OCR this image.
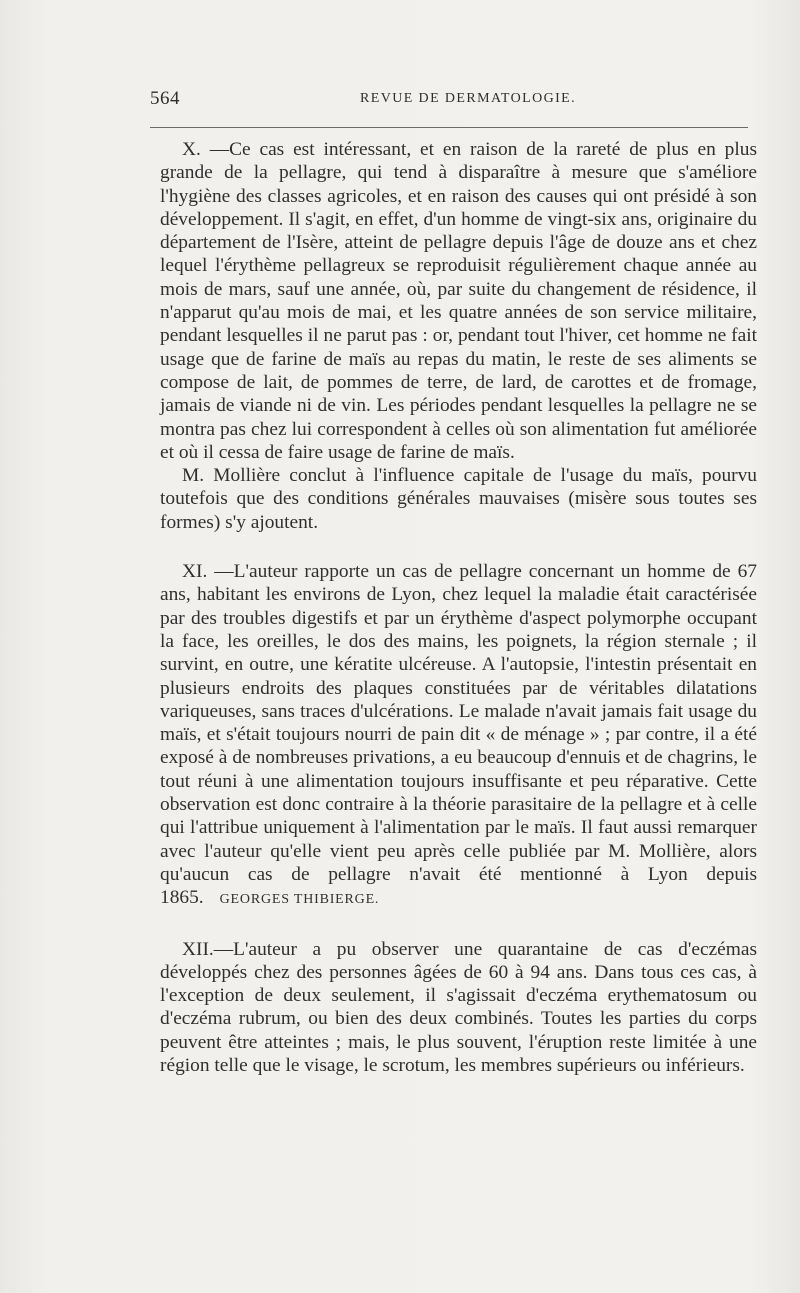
564	REVUE DE DERMATOLOGIE.

X. —Ce cas est intéressant, et en raison de la rareté de plus en plus grande de la pellagre, qui tend à disparaître à mesure que s'améliore l'hygiène des classes agricoles, et en raison des causes qui ont présidé à son développement. Il s'agit, en effet, d'un homme de vingt-six ans, originaire du département de l'Isère, atteint de pellagre depuis l'âge de douze ans et chez lequel l'érythème pellagreux se reproduisit régulièrement chaque année au mois de mars, sauf une année, où, par suite du changement de résidence, il n'apparut qu'au mois de mai, et les quatre années de son service militaire, pendant lesquelles il ne parut pas : or, pendant tout l'hiver, cet homme ne fait usage que de farine de maïs au repas du matin, le reste de ses aliments se compose de lait, de pommes de terre, de lard, de carottes et de fromage, jamais de viande ni de vin. Les périodes pendant lesquelles la pellagre ne se montra pas chez lui correspondent à celles où son alimentation fut améliorée et où il cessa de faire usage de farine de maïs.

M. Mollière conclut à l'influence capitale de l'usage du maïs, pourvu toutefois que des conditions générales mauvaises (misère sous toutes ses formes) s'y ajoutent.

XI. —L'auteur rapporte un cas de pellagre concernant un homme de 67 ans, habitant les environs de Lyon, chez lequel la maladie était caractérisée par des troubles digestifs et par un érythème d'aspect polymorphe occupant la face, les oreilles, le dos des mains, les poignets, la région sternale ; il survint, en outre, une kératite ulcéreuse. A l'autopsie, l'intestin présentait en plusieurs endroits des plaques constituées par de véritables dilatations variqueuses, sans traces d'ulcérations. Le malade n'avait jamais fait usage du maïs, et s'était toujours nourri de pain dit « de ménage » ; par contre, il a été exposé à de nombreuses privations, a eu beaucoup d'ennuis et de chagrins, le tout réuni à une alimentation toujours insuffisante et peu réparative. Cette observation est donc contraire à la théorie parasitaire de la pellagre et à celle qui l'attribue uniquement à l'alimentation par le maïs. Il faut aussi remarquer avec l'auteur qu'elle vient peu après celle publiée par M. Mollière, alors qu'aucun cas de pellagre n'avait été mentionné à Lyon depuis 1865. GEORGES THIBIERGE.

XII.—L'auteur a pu observer une quarantaine de cas d'eczémas développés chez des personnes âgées de 60 à 94 ans. Dans tous ces cas, à l'exception de deux seulement, il s'agissait d'eczéma erythematosum ou d'eczéma rubrum, ou bien des deux combinés. Toutes les parties du corps peuvent être atteintes ; mais, le plus souvent, l'éruption reste limitée à une région telle que le visage, le scrotum, les membres supérieurs ou inférieurs.
